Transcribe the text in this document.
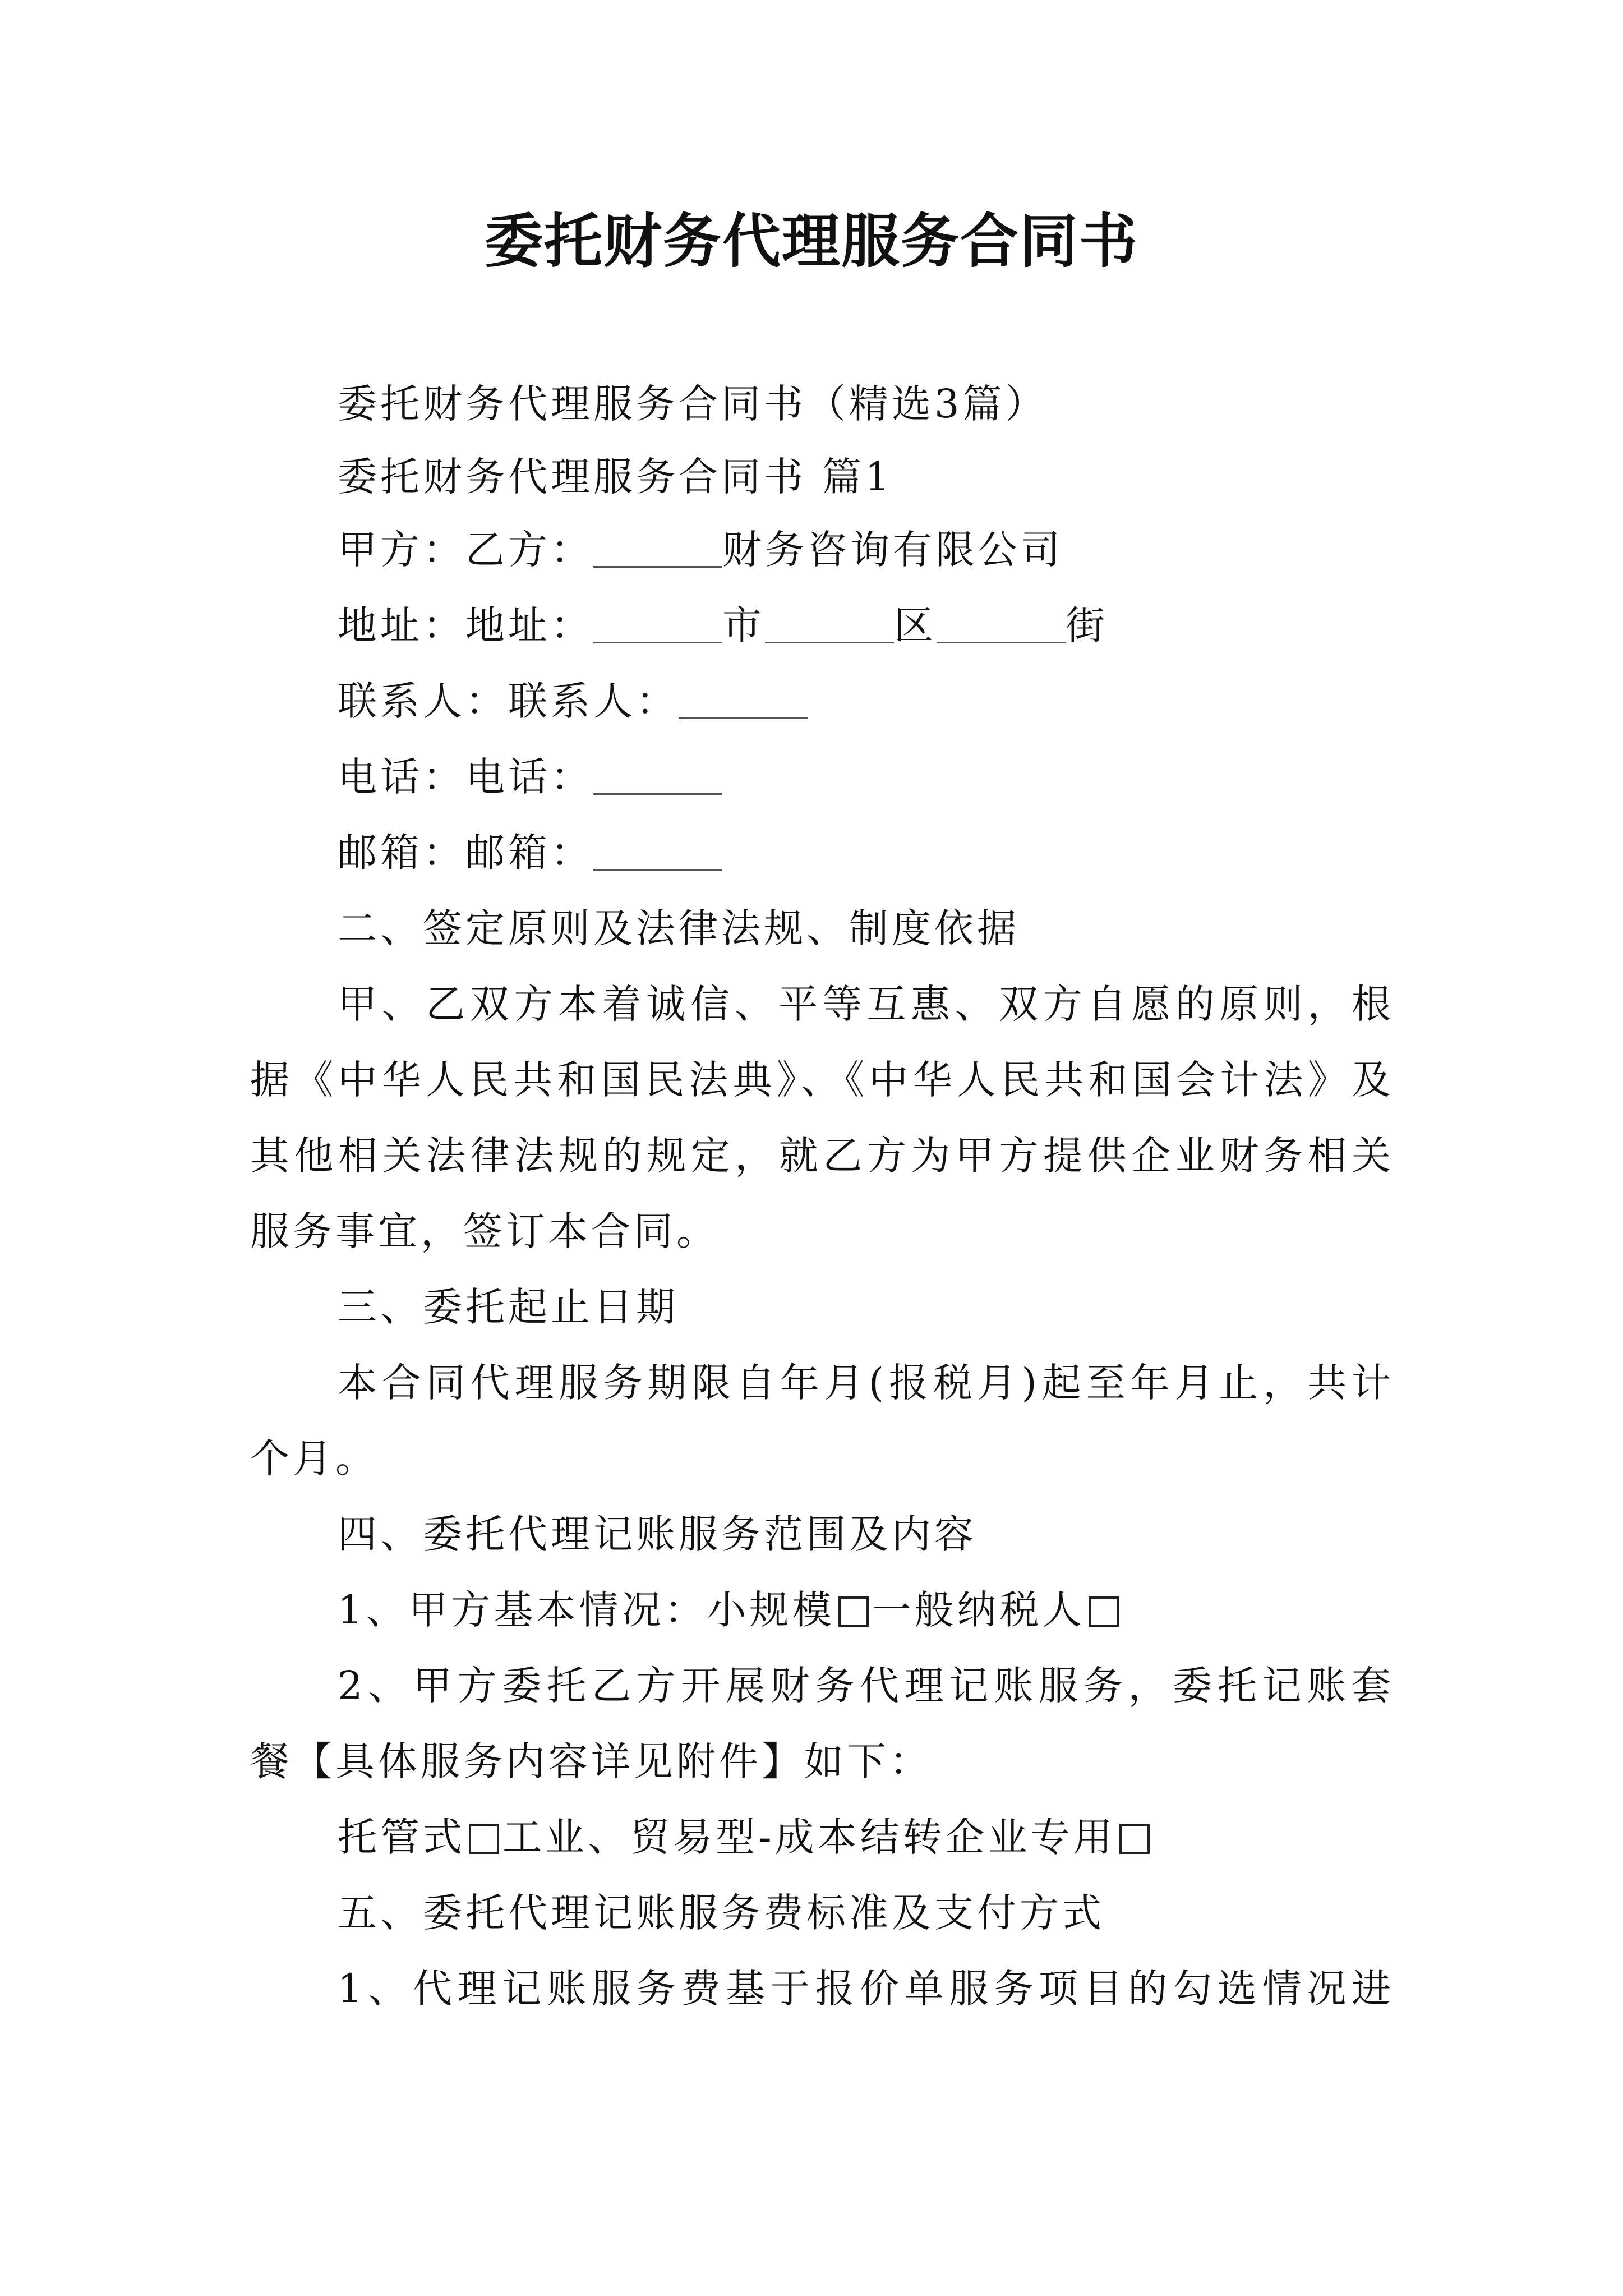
委托财务代理服务合同书
委托财务代理服务合同书（精选3篇）
委托财务代理服务合同书 篇1
甲方：乙方：	财务咨询有限公司
地址：地址：	市	区	街
联系人：联系人：
电话：电话：
邮箱：邮箱：
二、签定原则及法律法规、制度依据
甲、乙双方本着诚信、平等互惠、双方自愿的原则，根
据《中华人民共和国民法典》、《中华人民共和国会计法》及
其他相关法律法规的规定，就乙方为甲方提供企业财务相关
服务事宜，签订本合同。
三、委托起止日期
本合同代理服务期限自年月(报税月)起至年月止，共计
个月。
四、委托代理记账服务范围及内容
1、甲方基本情况：小规模 一般纳税人
2、甲方委托乙方开展财务代理记账服务，委托记账套
餐【具体服务内容详见附件】如下：
托管式 工业、贸易型-成本结转企业专用
五、委托代理记账服务费标准及支付方式
1、代理记账服务费基于报价单服务项目的勾选情况进
